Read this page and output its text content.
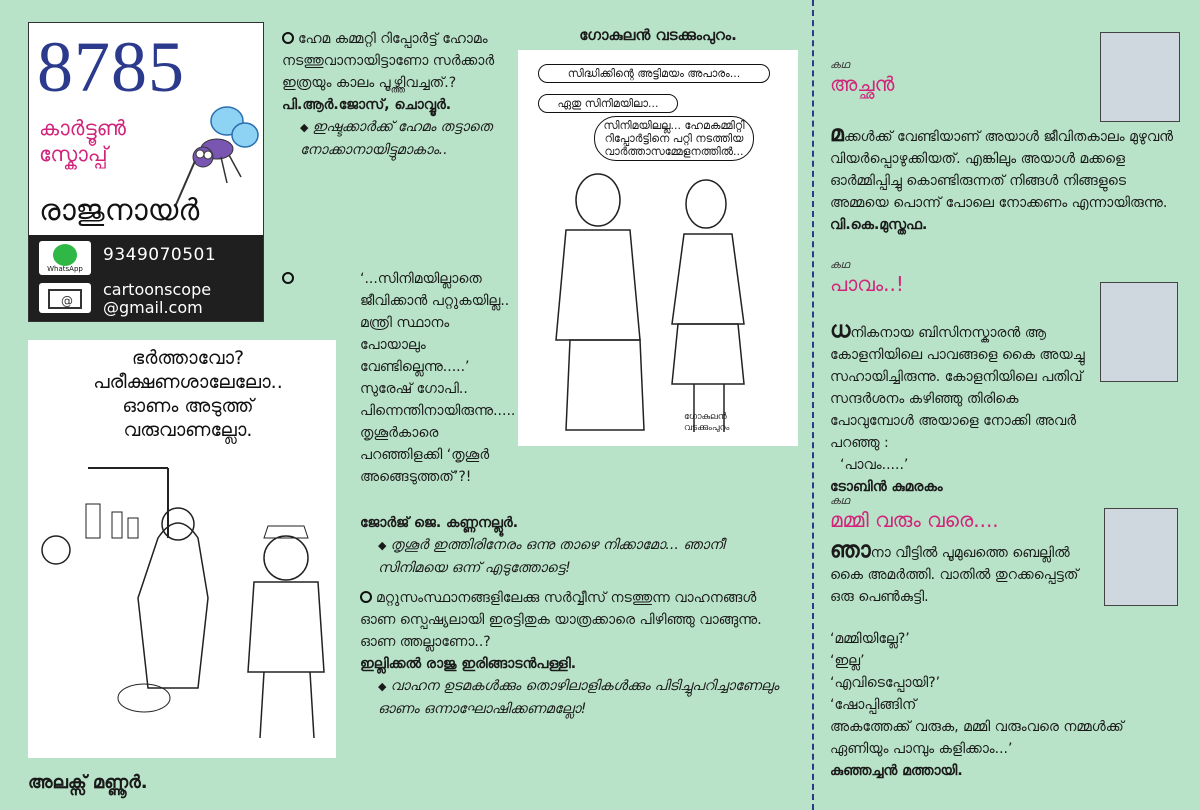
8785
കാർട്ടൂൺ
സ്കോപ്പ്
രാജുനായർ
WhatsApp
9349070501
@
cartoonscope
@gmail.com

ഹേമ കമ്മറ്റി റിപ്പോർട്ട് ഹോമം നടത്തുവാനായിട്ടാണോ സർക്കാർ ഇത്രയും കാലം പൂഴ്ത്തിവച്ചത്.?

പി.ആർ.ജോസ്, ചൊവ്വൂർ.

◆ ഇഷ്ടക്കാർക്ക് ഹേമം തട്ടാതെ നോക്കാനായിട്ടുമാകാം..

‘...സിനിമയില്ലാതെ ജീവിക്കാൻ പറ്റുകയില്ല.. മന്ത്രി സ്ഥാനം പോയാലും വേണ്ടില്ലെന്നു.....’ സുരേഷ് ഗോപി.. പിന്നെന്തിനായിരുന്നു..... തൃശൂർകാരെ പറഞ്ഞിളക്കി ‘തൃശൂർ അങ്ങെടുത്തത്’?!

ജോർജ് ജെ. കണ്ണനല്ലൂർ.

◆ തൃശൂർ ഇത്തിരിനേരം ഒന്നു താഴെ നിക്കാമോ... ഞാനീ സിനിമയെ ഒന്ന് എടുത്തോട്ടെ!

മറ്റുസംസ്ഥാനങ്ങളിലേക്കു സർവ്വീസ് നടത്തുന്ന വാഹനങ്ങൾ ഓണ സ്പെഷ്യലായി ഇരട്ടിതുക യാത്രക്കാരെ പിഴിഞ്ഞു വാങ്ങുന്നു. ഓണ ത്തല്ലാണോ..?

ഇല്ലിക്കൽ രാജു ഇരിങ്ങാടൻപള്ളി.

◆ വാഹന ഉടമകൾക്കും തൊഴിലാളികൾക്കും പിടിച്ചുപറിച്ചാണേലും ഓണം ഒന്നാഘോഷിക്കണമല്ലോ!

ഭർത്താവോ?
പരീക്ഷണശാലേലോ..
ഓണം അടുത്ത്
വരുവാണല്ലോ.
അലക്സ് മണ്ണൂർ.
ഗോകുലൻ വടക്കുംപുറം.
സിദ്ധിക്കിന്റെ അട്ടിമയം അപാരം...
ഏതു സിനിമയിലാ...
സിനിമയിലല്ല... ഹേമകമ്മിറ്റി റിപ്പോർട്ടിനെ പറ്റി നടത്തിയ വാർത്താസമ്മേളനത്തിൽ...
ഗോകുലൻ വടക്കുംപുറം
കഥ
അച്ഛൻ
മക്കൾക്ക് വേണ്ടിയാണ് അയാൾ ജീവിതകാലം മുഴുവൻ വിയർപ്പൊഴുക്കിയത്. എങ്കിലും അയാൾ മക്കളെ ഓർമ്മിപ്പിച്ചു കൊണ്ടിരുന്നത് നിങ്ങൾ നിങ്ങളുടെ അമ്മയെ പൊന്ന് പോലെ നോക്കണം എന്നായിരുന്നു.
വി.കെ.മുസ്തഫ.
കഥ
പാവം..!
ധനികനായ ബിസിനസ്കാരൻ ആ കോളനിയിലെ പാവങ്ങളെ കൈ അയച്ചു സഹായിച്ചിരുന്നു. കോളനിയിലെ പതിവ് സന്ദർശനം കഴിഞ്ഞു തിരികെ പോവുമ്പോൾ അയാളെ നോക്കി അവർ പറഞ്ഞു :
‘പാവം.....’
ടോബിൻ കുമരകം
കഥ
മമ്മി വരും വരെ....
ഞാനാ വീട്ടിൽ പൂമുഖത്തെ ബെല്ലിൽ കൈ അമർത്തി. വാതിൽ തുറക്കപ്പെട്ടത് ഒരു പെൺകുട്ടി.
‘മമ്മിയില്ലേ?’
‘ഇല്ല’
‘എവിടെപ്പോയി?’
‘ഷോപ്പിങ്ങിന്
അകത്തേക്ക് വരുക, മമ്മി വരുംവരെ നമ്മൾക്ക് ഏണിയും പാമ്പും കളിക്കാം...’
കുഞ്ഞച്ചൻ മത്തായി.
